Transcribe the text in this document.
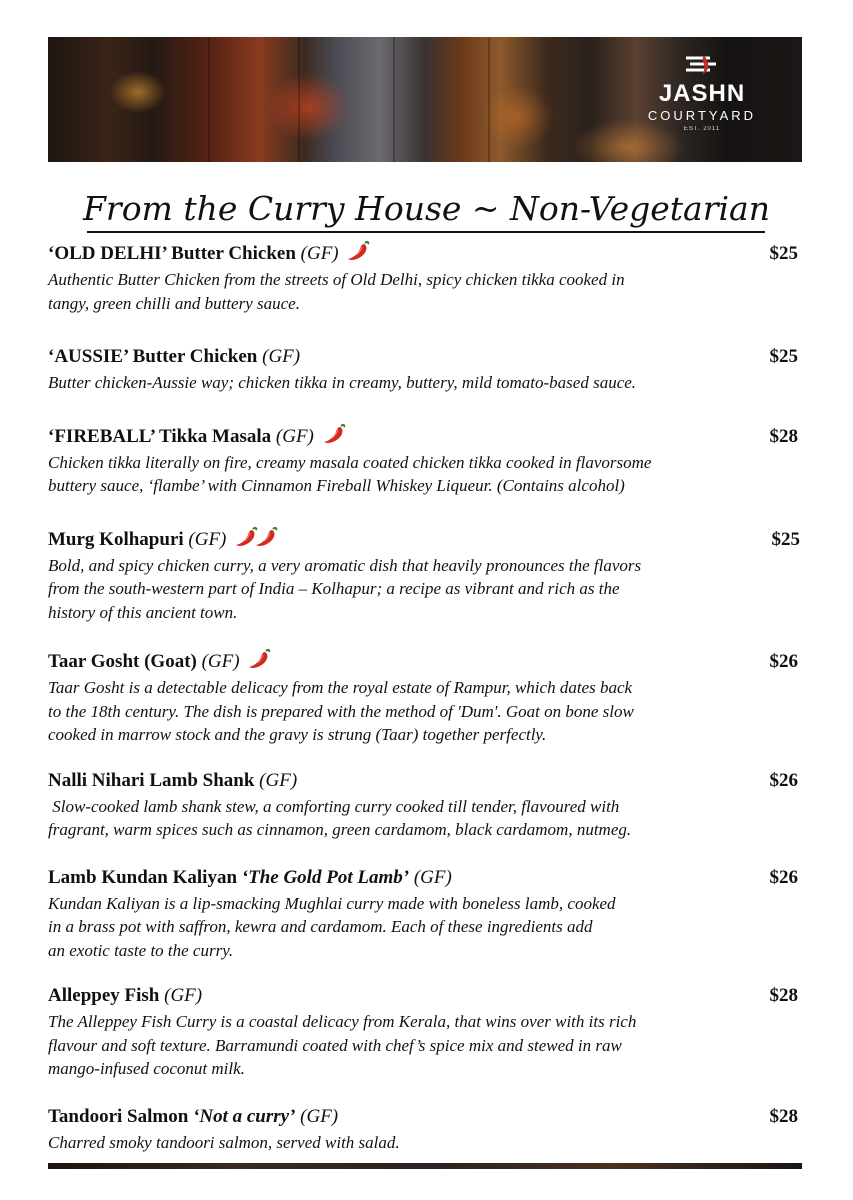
JASHN
COURTYARD
EST. 2011
From the Curry House ~ Non-Vegetarian
‘OLD DELHI’ Butter Chicken (GF)	$25

Authentic Butter Chicken from the streets of Old Delhi, spicy chicken tikka cooked in
tangy, green chilli and buttery sauce.

‘AUSSIE’ Butter Chicken (GF)	$25

Butter chicken-Aussie way; chicken tikka in creamy, buttery, mild tomato-based sauce.

‘FIREBALL’ Tikka Masala (GF)	$28

Chicken tikka literally on fire, creamy masala coated chicken tikka cooked in flavorsome
buttery sauce, ‘flambe’ with Cinnamon Fireball Whiskey Liqueur. (Contains alcohol)

Murg Kolhapuri (GF)	$25

Bold, and spicy chicken curry, a very aromatic dish that heavily pronounces the flavors
from the south-western part of India – Kolhapur; a recipe as vibrant and rich as the
history of this ancient town.

Taar Gosht (Goat) (GF)	$26

Taar Gosht is a detectable delicacy from the royal estate of Rampur, which dates back
to the 18th century. The dish is prepared with the method of 'Dum'. Goat on bone slow
cooked in marrow stock and the gravy is strung (Taar) together perfectly.

Nalli Nihari Lamb Shank (GF)	$26

Slow-cooked lamb shank stew, a comforting curry cooked till tender, flavoured with
fragrant, warm spices such as cinnamon, green cardamom, black cardamom, nutmeg.

Lamb Kundan Kaliyan ‘The Gold Pot Lamb’ (GF)	$26

Kundan Kaliyan is a lip-smacking Mughlai curry made with boneless lamb, cooked
in a brass pot with saffron, kewra and cardamom. Each of these ingredients add
an exotic taste to the curry.

Alleppey Fish (GF)	$28

The Alleppey Fish Curry is a coastal delicacy from Kerala, that wins over with its rich
flavour and soft texture. Barramundi coated with chef’s spice mix and stewed in raw
mango-infused coconut milk.

Tandoori Salmon ‘Not a curry’ (GF)	$28

Charred smoky tandoori salmon, served with salad.
